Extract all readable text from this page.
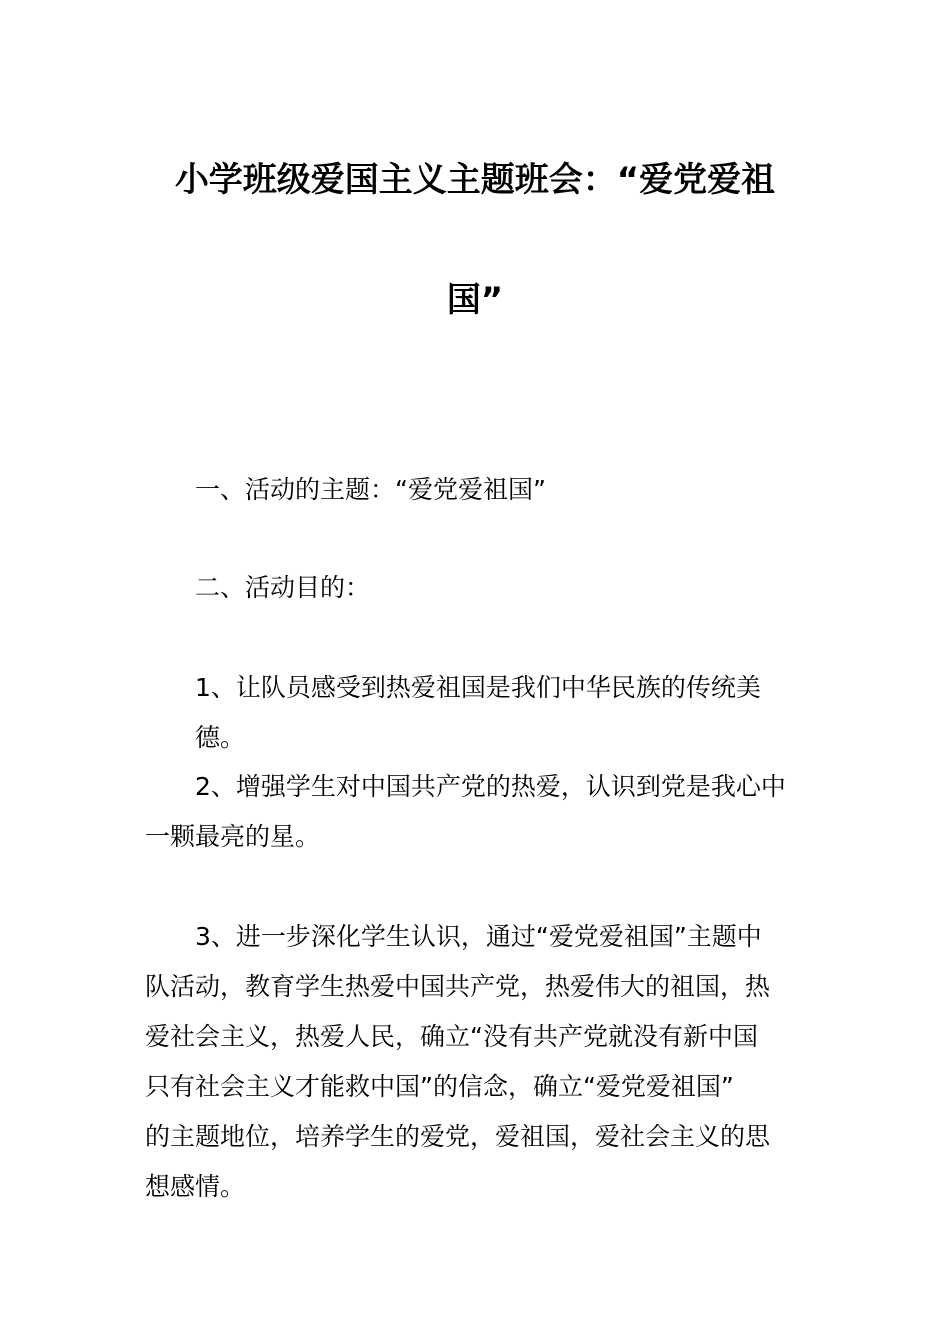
小学班级爱国主义主题班会：“爱党爱祖
国”

一、活动的主题：“爱党爱祖国”

二、活动目的：

1、让队员感受到热爱祖国是我们中华民族的传统美德。

2、增强学生对中国共产党的热爱，认识到党是我心中
一颗最亮的星。

3、进一步深化学生认识，通过“爱党爱祖国”主题中
队活动，教育学生热爱中国共产党，热爱伟大的祖国，热
爱社会主义，热爱人民，确立“没有共产党就没有新中国
只有社会主义才能救中国”的信念，确立“爱党爱祖国”
的主题地位，培养学生的爱党，爱祖国，爱社会主义的思
想感情。
